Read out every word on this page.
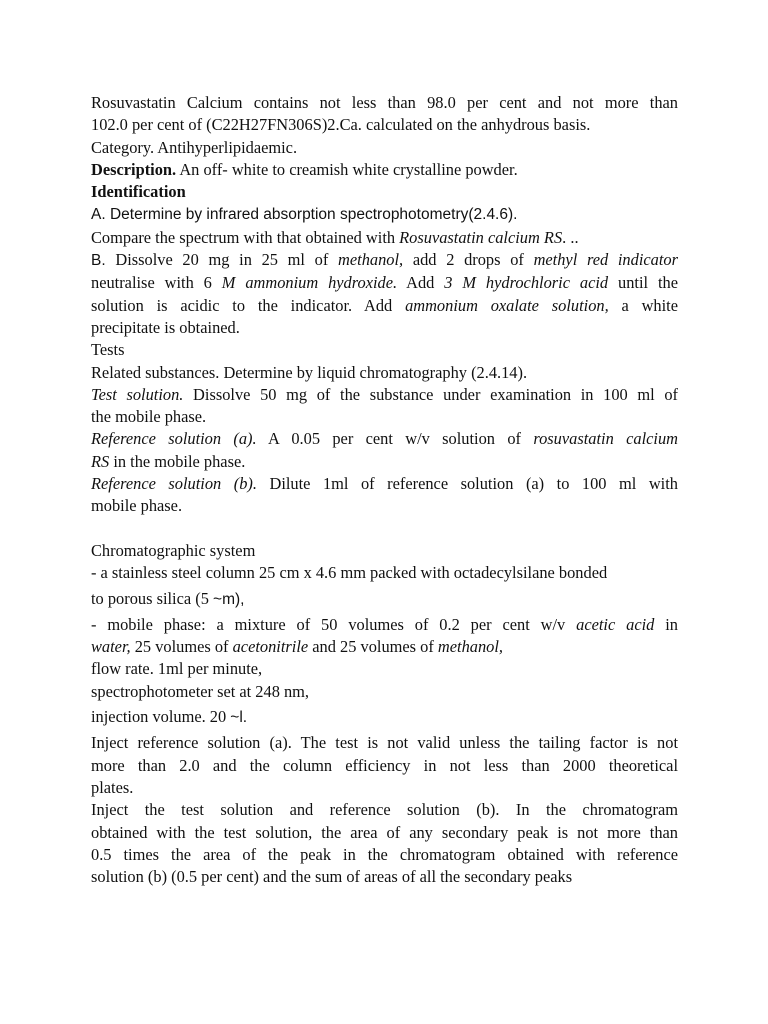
Rosuvastatin Calcium contains not less than 98.0 per cent and not more than
102.0 per cent of (C22H27FN306S)2.Ca. calculated on the anhydrous basis.
Category. Antihyperlipidaemic.
Description. An off- white to creamish white crystalline powder.
Identification
A. Determine by infrared absorption spectrophotometry(2.4.6).
Compare the spectrum with that obtained with Rosuvastatin calcium RS. ..
B. Dissolve 20 mg in 25 ml of methanol, add 2 drops of methyl red indicator
neutralise with 6 M ammonium hydroxide. Add 3 M hydrochloric acid until the
solution is acidic to the indicator. Add ammonium oxalate solution, a white
precipitate is obtained.
Tests
Related substances. Determine by liquid chromatography (2.4.14).
Test solution. Dissolve 50 mg of the substance under examination in 100 ml of
the mobile phase.
Reference solution (a). A 0.05 per cent w/v solution of rosuvastatin calcium
RS in the mobile phase.
Reference solution (b). Dilute 1ml of reference solution (a) to 100 ml with
mobile phase.
Chromatographic system
- a stainless steel column 25 cm x 4.6 mm packed with octadecylsilane bonded
to porous silica (5 ~m),
- mobile phase: a mixture of 50 volumes of 0.2 per cent w/v acetic acid in
water, 25 volumes of acetonitrile and 25 volumes of methanol,
flow rate. 1ml per minute,
spectrophotometer set at 248 nm,
injection volume. 20 ~l.
Inject reference solution (a). The test is not valid unless the tailing factor is not
more than 2.0 and the column efficiency in not less than 2000 theoretical
plates.
Inject the test solution and reference solution (b). In the chromatogram
obtained with the test solution, the area of any secondary peak is not more than
0.5 times the area of the peak in the chromatogram obtained with reference
solution (b) (0.5 per cent) and the sum of areas of all the secondary peaks
